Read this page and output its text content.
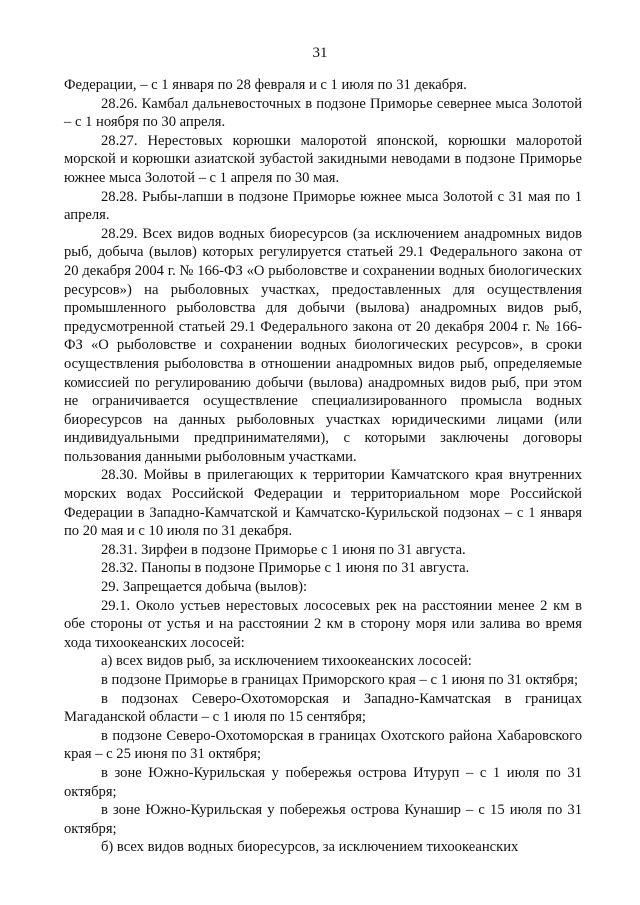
31

Федерации, – с 1 января по 28 февраля и с 1 июля по 31 декабря.

28.26. Камбал дальневосточных в подзоне Приморье севернее мыса Золотой – с 1 ноября по 30 апреля.

28.27. Нерестовых корюшки малоротой японской, корюшки малоротой морской и корюшки азиатской зубастой закидными неводами в подзоне Приморье южнее мыса Золотой – с 1 апреля по 30 мая.

28.28. Рыбы-лапши в подзоне Приморье южнее мыса Золотой с 31 мая по 1 апреля.

28.29. Всех видов водных биоресурсов (за исключением анадромных видов рыб, добыча (вылов) которых регулируется статьей 29.1 Федерального закона от 20 декабря 2004 г. № 166-ФЗ «О рыболовстве и сохранении водных биологических ресурсов») на рыболовных участках, предоставленных для осуществления промышленного рыболовства для добычи (вылова) анадромных видов рыб, предусмотренной статьей 29.1 Федерального закона от 20 декабря 2004 г. № 166-ФЗ «О рыболовстве и сохранении водных биологических ресурсов», в сроки осуществления рыболовства в отношении анадромных видов рыб, определяемые комиссией по регулированию добычи (вылова) анадромных видов рыб, при этом не ограничивается осуществление специализированного промысла водных биоресурсов на данных рыболовных участках юридическими лицами (или индивидуальными предпринимателями), с которыми заключены договоры пользования данными рыболовным участками.

28.30. Мойвы в прилегающих к территории Камчатского края внутренних морских водах Российской Федерации и территориальном море Российской Федерации в Западно-Камчатской и Камчатско-Курильской подзонах – с 1 января по 20 мая и с 10 июля по 31 декабря.

28.31. Зирфеи в подзоне Приморье с 1 июня по 31 августа.

28.32. Панопы в подзоне Приморье с 1 июня по 31 августа.

29. Запрещается добыча (вылов):

29.1. Около устьев нерестовых лососевых рек на расстоянии менее 2 км в обе стороны от устья и на расстоянии 2 км в сторону моря или залива во время хода тихоокеанских лососей:

а) всех видов рыб, за исключением тихоокеанских лососей:

в подзоне Приморье в границах Приморского края – с 1 июня по 31 октября;

в подзонах Северо-Охотоморская и Западно-Камчатская в границах Магаданской области – с 1 июля по 15 сентября;

в подзоне Северо-Охотоморская в границах Охотского района Хабаровского края – с 25 июня по 31 октября;

в зоне Южно-Курильская у побережья острова Итуруп – с 1 июля по 31 октября;

в зоне Южно-Курильская у побережья острова Кунашир – с 15 июля по 31 октября;

б) всех видов водных биоресурсов, за исключением тихоокеанских
